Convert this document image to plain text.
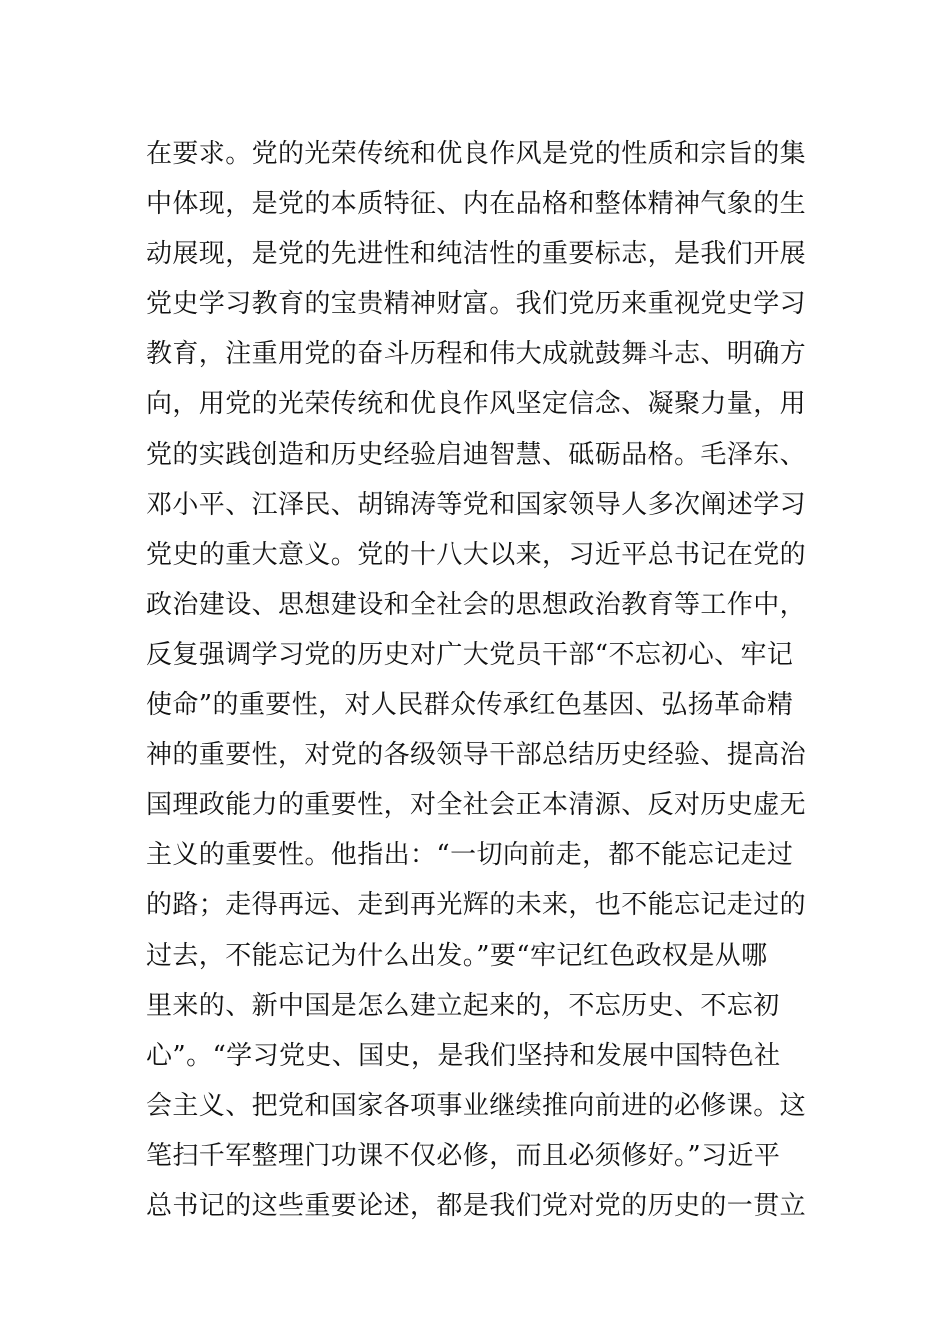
在要求。党的光荣传统和优良作风是党的性质和宗旨的集
中体现，是党的本质特征、内在品格和整体精神气象的生
动展现，是党的先进性和纯洁性的重要标志，是我们开展
党史学习教育的宝贵精神财富。我们党历来重视党史学习
教育，注重用党的奋斗历程和伟大成就鼓舞斗志、明确方
向，用党的光荣传统和优良作风坚定信念、凝聚力量，用
党的实践创造和历史经验启迪智慧、砥砺品格。毛泽东、
邓小平、江泽民、胡锦涛等党和国家领导人多次阐述学习
党史的重大意义。党的十八大以来，习近平总书记在党的
政治建设、思想建设和全社会的思想政治教育等工作中，
反复强调学习党的历史对广大党员干部“不忘初心、牢记
使命”的重要性，对人民群众传承红色基因、弘扬革命精
神的重要性，对党的各级领导干部总结历史经验、提高治
国理政能力的重要性，对全社会正本清源、反对历史虚无
主义的重要性。他指出：“一切向前走，都不能忘记走过
的路；走得再远、走到再光辉的未来，也不能忘记走过的
过去，不能忘记为什么出发。”要“牢记红色政权是从哪
里来的、新中国是怎么建立起来的，不忘历史、不忘初
心”。“学习党史、国史，是我们坚持和发展中国特色社
会主义、把党和国家各项事业继续推向前进的必修课。这
笔扫千军整理门功课不仅必修，而且必须修好。”习近平
总书记的这些重要论述，都是我们党对党的历史的一贯立
